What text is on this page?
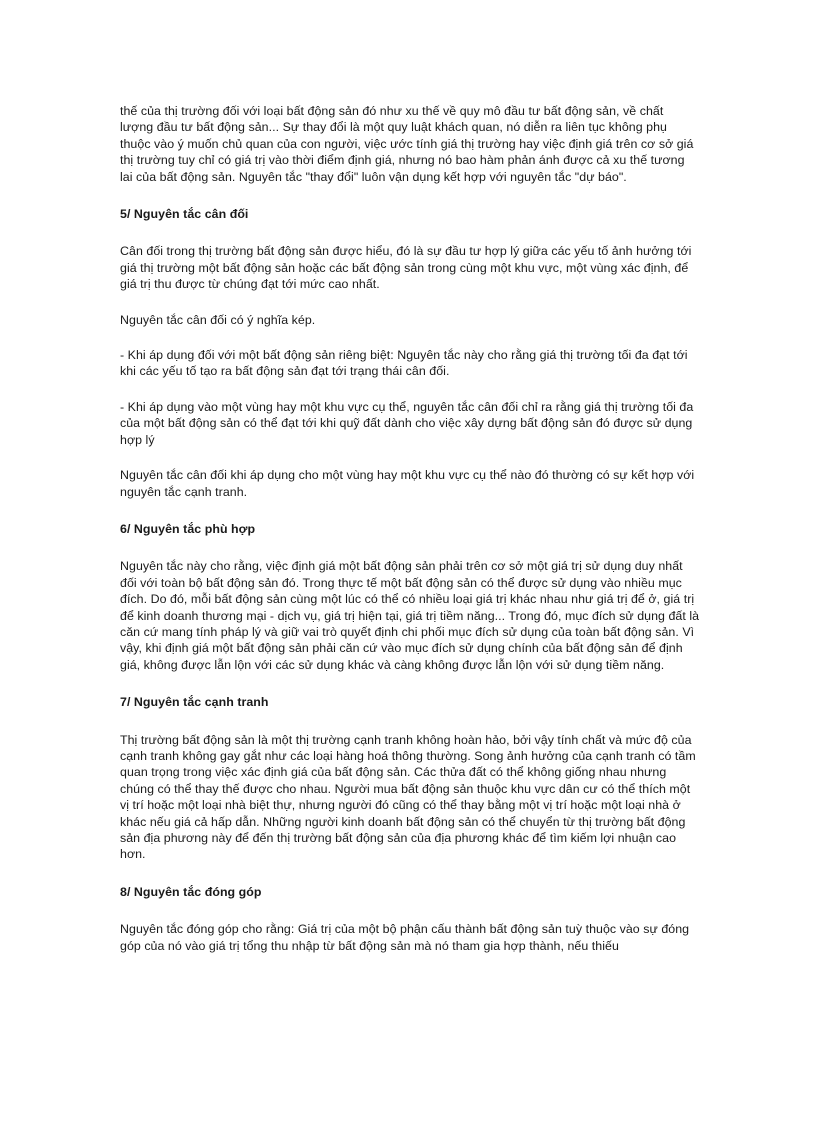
thế của thị trường đối với loại bất động sản đó như xu thế về quy mô đầu tư bất động sản, về chất lượng đầu tư bất động sản... Sự thay đổi là một quy luật khách quan, nó diễn ra liên tục không phụ thuộc vào ý muốn chủ quan của con người, việc ước tính giá thị trường hay việc định giá trên cơ sở giá thị trường tuy chỉ có giá trị vào thời điểm định giá, nhưng nó bao hàm phản ánh được cả xu thế tương lai của bất động sản. Nguyên tắc "thay đổi" luôn vận dụng kết hợp với nguyên tắc "dự báo".

5/ Nguyên tắc cân đối

Cân đối trong thị trường bất động sản được hiểu, đó là sự đầu tư hợp lý giữa các yếu tố ảnh hưởng tới giá thị trường một bất động sản hoặc các bất động sản trong cùng một khu vực, một vùng xác định, để giá trị thu được từ chúng đạt tới mức cao nhất.

Nguyên tắc cân đối có ý nghĩa kép.

- Khi áp dụng đối với một bất động sản riêng biệt: Nguyên tắc này cho rằng giá thị trường tối đa đạt tới khi các yếu tố tạo ra bất động sản đạt tới trạng thái cân đối.

- Khi áp dụng vào một vùng hay một khu vực cụ thể, nguyên tắc cân đối chỉ ra rằng giá thị trường tối đa của một bất động sản có thể đạt tới khi quỹ đất dành cho việc xây dựng bất động sản đó được sử dụng hợp lý

Nguyên tắc cân đối khi áp dụng cho một vùng hay một khu vực cụ thể nào đó thường có sự kết hợp với nguyên tắc cạnh tranh.

6/ Nguyên tắc phù hợp

Nguyên tắc này cho rằng, việc định giá một bất động sản phải trên cơ sở một giá trị sử dụng duy nhất đối với toàn bộ bất động sản đó. Trong thực tế một bất động sản có thể được sử dụng vào nhiều mục đích. Do đó, mỗi bất động sản cùng một lúc có thể có nhiều loại giá trị khác nhau như giá trị để ở, giá trị để kinh doanh thương mại - dịch vụ, giá trị hiện tại, giá trị tiềm năng... Trong đó, mục đích sử dụng đất là căn cứ mang tính pháp lý và giữ vai trò quyết định chi phối mục đích sử dụng của toàn bất động sản. Vì vậy, khi định giá một bất động sản phải căn cứ vào mục đích sử dụng chính của bất động sản để định giá, không được lẫn lộn với các sử dụng khác và càng không được lẫn lộn với sử dụng tiềm năng.

7/ Nguyên tắc cạnh tranh

Thị trường bất động sản là một thị trường cạnh tranh không hoàn hảo, bởi vậy tính chất và mức độ của cạnh tranh không gay gắt như các loại hàng hoá thông thường. Song ảnh hưởng của cạnh tranh có tầm quan trọng trong việc xác định giá của bất động sản. Các thửa đất có thể không giống nhau nhưng chúng có thể thay thế được cho nhau. Người mua bất động sản thuộc khu vực dân cư có thể thích một vị trí hoặc một loại nhà biệt thự, nhưng người đó cũng có thể thay bằng một vị trí hoặc một loại nhà ở khác nếu giá cả hấp dẫn. Những người kinh doanh bất động sản có thể chuyển từ thị trường bất động sản địa phương này để đến thị trường bất động sản của địa phương khác để tìm kiếm lợi nhuận cao hơn.

8/ Nguyên tắc đóng góp

Nguyên tắc đóng góp cho rằng: Giá trị của một bộ phận cấu thành bất động sản tuỳ thuộc vào sự đóng góp của nó vào giá trị tổng thu nhập từ bất động sản mà nó tham gia hợp thành, nếu thiếu
